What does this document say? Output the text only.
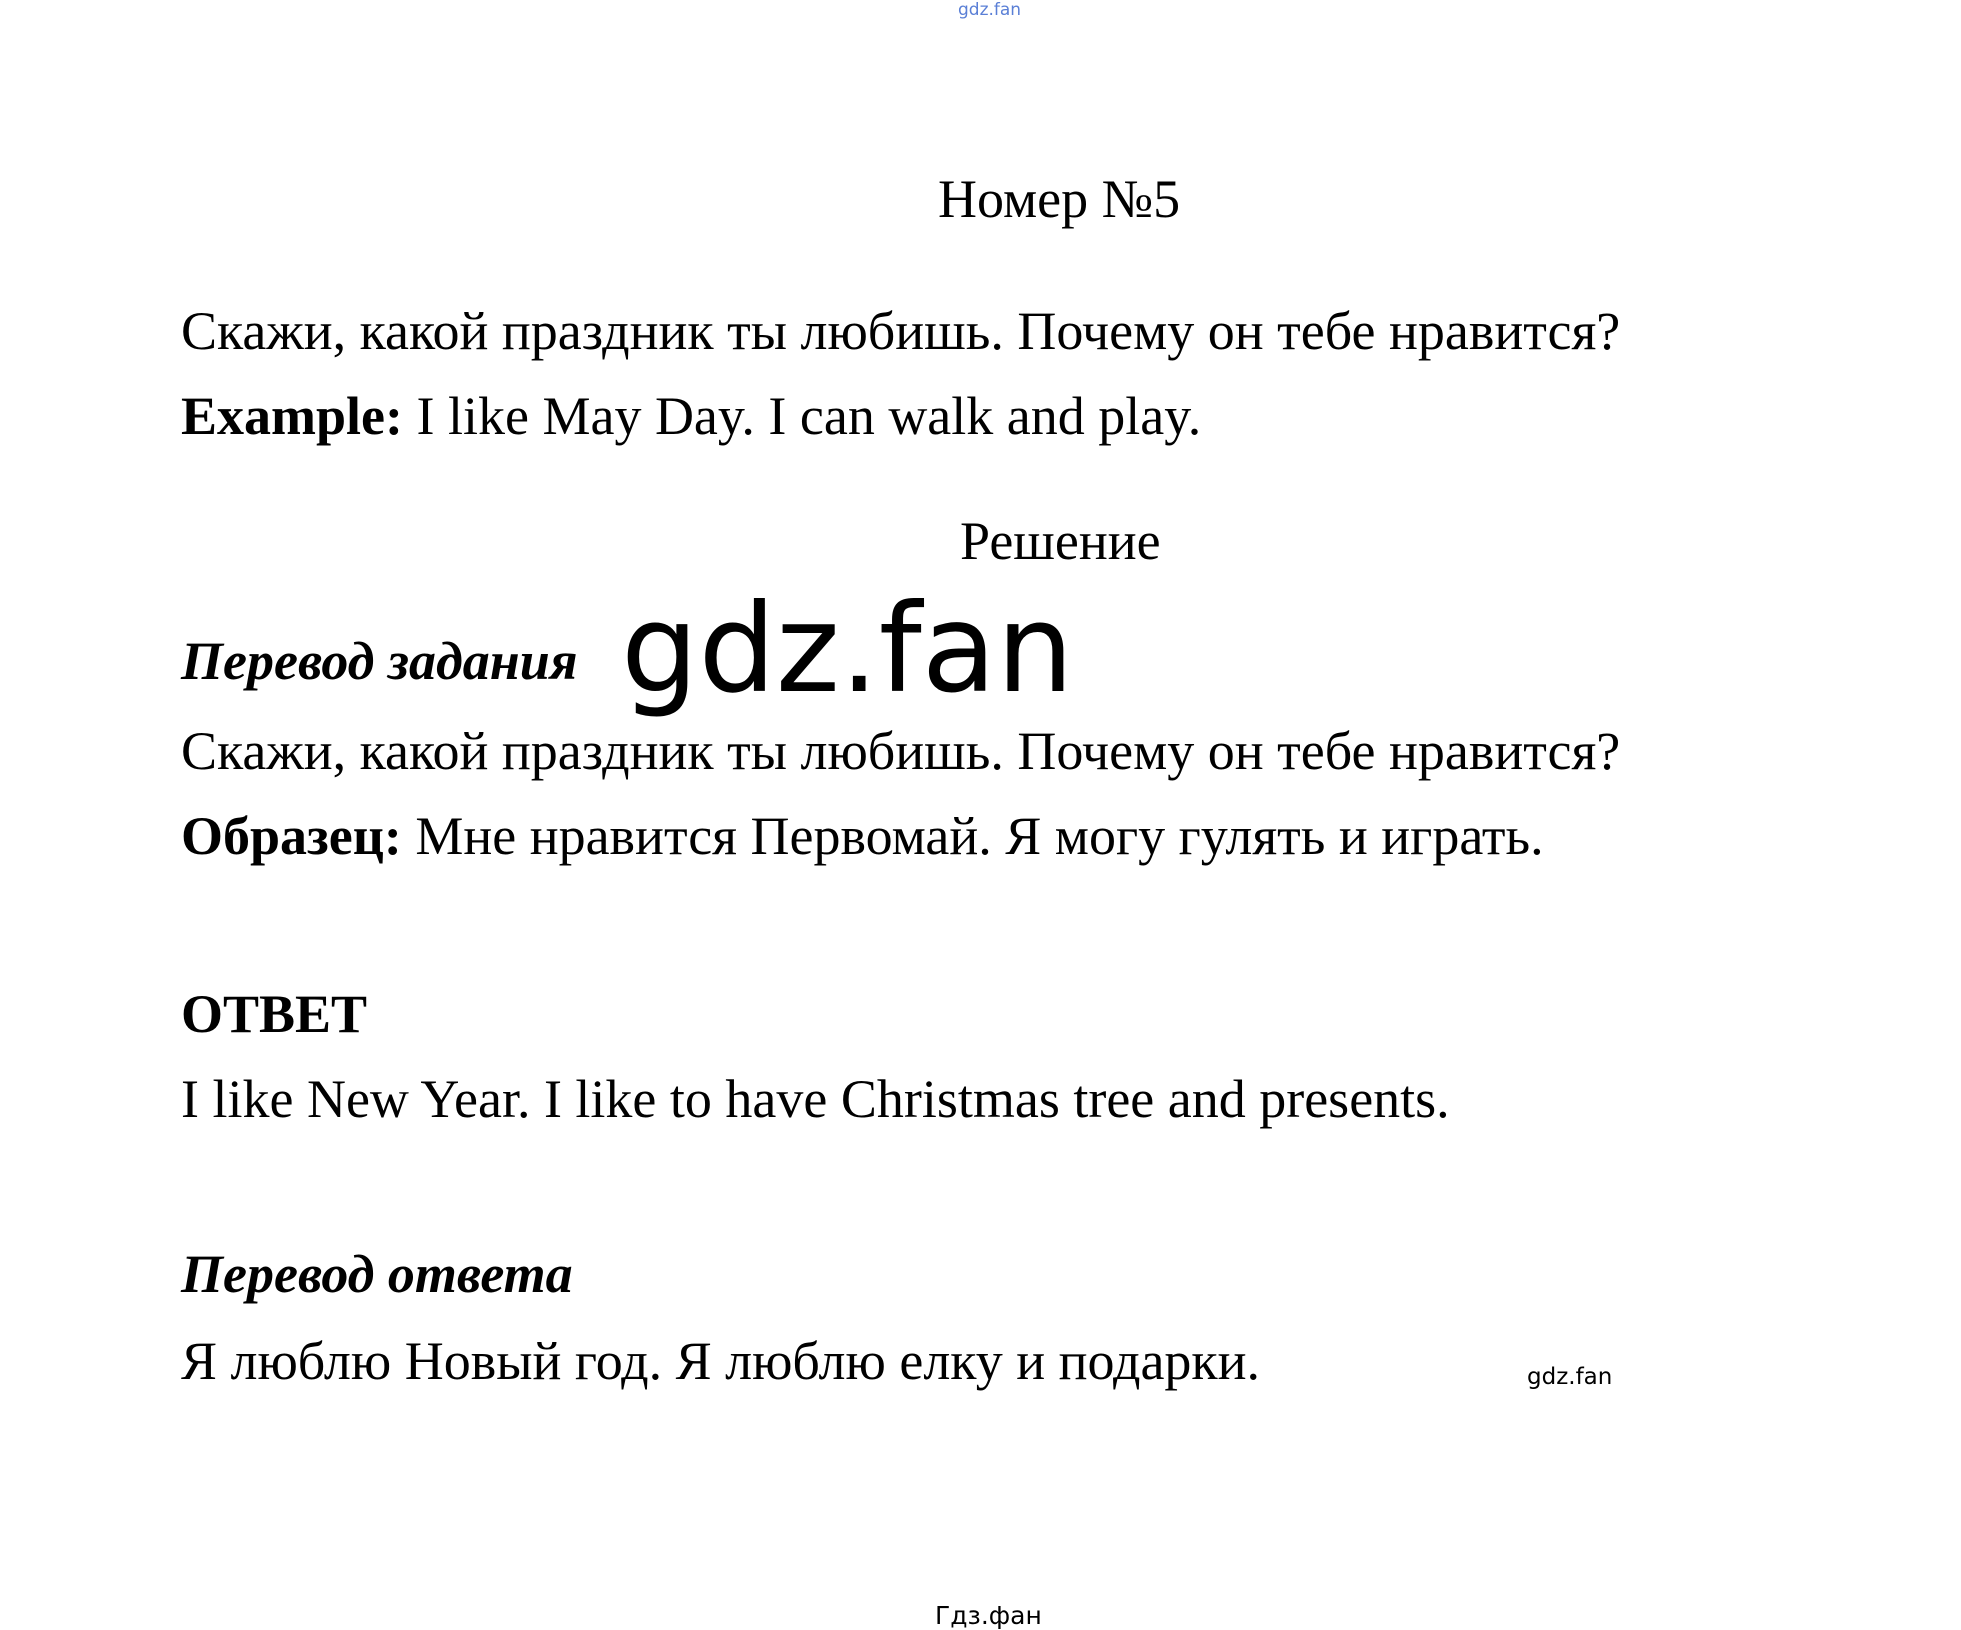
gdz.fan
Номер №5
Скажи, какой праздник ты любишь. Почему он тебе нравится?
Example: I like May Day. I can walk and play.
Решение
Перевод задания gdz.fan
Скажи, какой праздник ты любишь. Почему он тебе нравится?
Образец: Мне нравится Первомай. Я могу гулять и играть.
ОТВЕТ
I like New Year. I like to have Christmas tree and presents.
Перевод ответа
Я люблю Новый год. Я люблю елку и подарки.	gdz.fan
Гдз.фан
